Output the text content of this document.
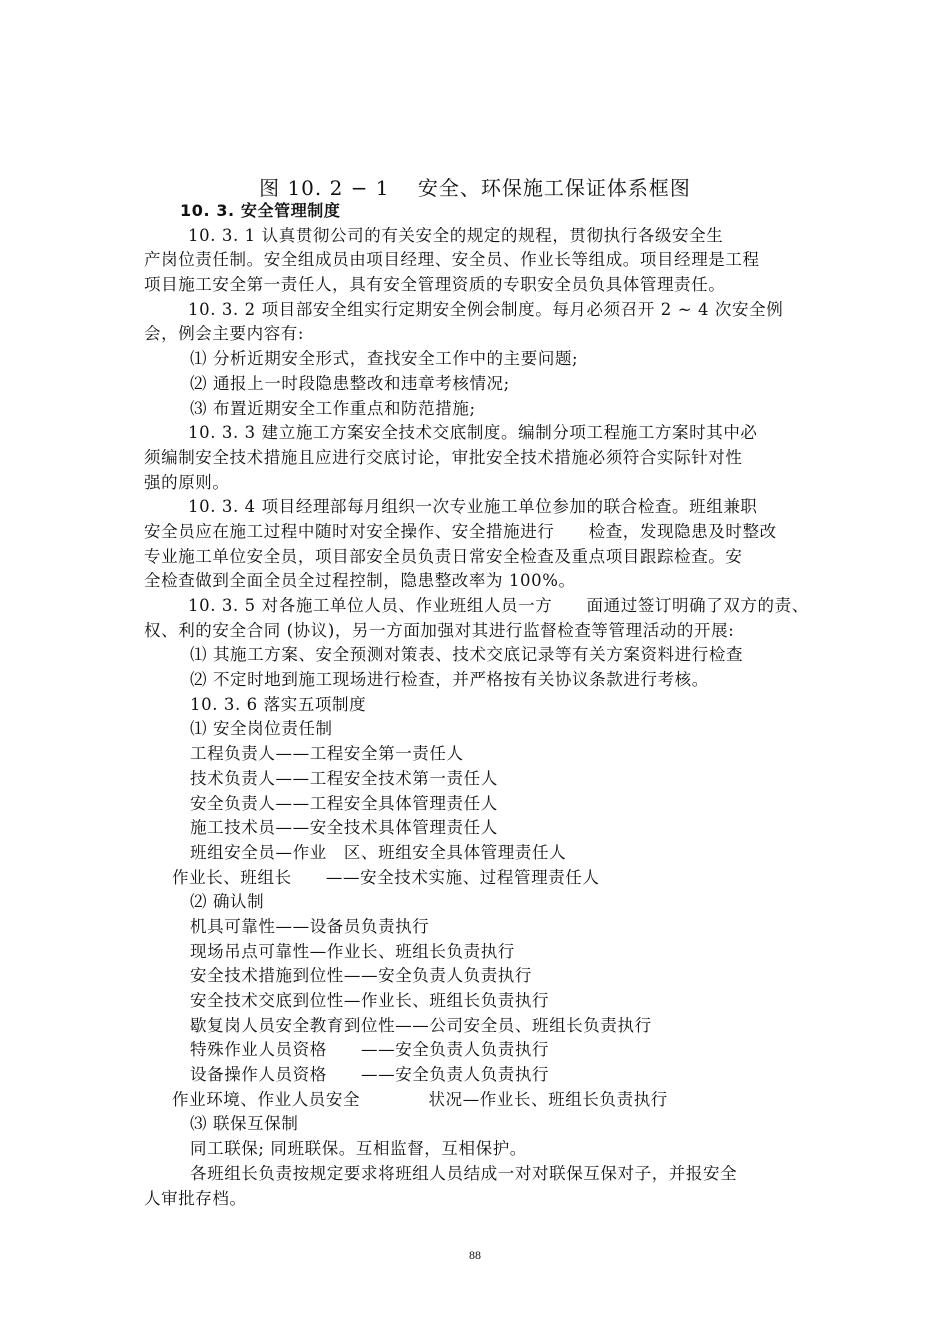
图 10. 2 − 1　 安全、环保施工保证体系框图
10. 3. 安全管理制度
10. 3. 1 认真贯彻公司的有关安全的规定的规程，贯彻执行各级安全生
产岗位责任制。安全组成员由项目经理、安全员、作业长等组成。项目经理是工程
项目施工安全第一责任人，具有安全管理资质的专职安全员负具体管理责任。
10. 3. 2 项目部安全组实行定期安全例会制度。每月必须召开 2 ~ 4 次安全例
会，例会主要内容有:
⑴ 分析近期安全形式，查找安全工作中的主要问题;
⑵ 通报上一时段隐患整改和违章考核情况;
⑶ 布置近期安全工作重点和防范措施;
10. 3. 3 建立施工方案安全技术交底制度。编制分项工程施工方案时其中必
须编制安全技术措施且应进行交底讨论，审批安全技术措施必须符合实际针对性
强的原则。
10. 3. 4 项目经理部每月组织一次专业施工单位参加的联合检查。班组兼职
安全员应在施工过程中随时对安全操作、安全措施进行　　检查，发现隐患及时整改
专业施工单位安全员，项目部安全员负责日常安全检查及重点项目跟踪检查。安
全检查做到全面全员全过程控制，隐患整改率为 100%。
10. 3. 5 对各施工单位人员、作业班组人员一方　　面通过签订明确了双方的责、
权、利的安全合同 (协议)，另一方面加强对其进行监督检查等管理活动的开展:
⑴ 其施工方案、安全预测对策表、技术交底记录等有关方案资料进行检查
⑵ 不定时地到施工现场进行检查，并严格按有关协议条款进行考核。
10. 3. 6 落实五项制度
⑴ 安全岗位责任制
工程负责人——工程安全第一责任人
技术负责人——工程安全技术第一责任人
安全负责人——工程安全具体管理责任人
施工技术员——安全技术具体管理责任人
班组安全员—作业　区、班组安全具体管理责任人
作业长、班组长　　——安全技术实施、过程管理责任人
⑵ 确认制
机具可靠性——设备员负责执行
现场吊点可靠性—作业长、班组长负责执行
安全技术措施到位性——安全负责人负责执行
安全技术交底到位性—作业长、班组长负责执行
歇复岗人员安全教育到位性——公司安全员、班组长负责执行
特殊作业人员资格　　——安全负责人负责执行
设备操作人员资格　　——安全负责人负责执行
作业环境、作业人员安全　　　　状况—作业长、班组长负责执行
⑶ 联保互保制
同工联保; 同班联保。互相监督，互相保护。
各班组长负责按规定要求将班组人员结成一对对联保互保对子，并报安全
人审批存档。
88
